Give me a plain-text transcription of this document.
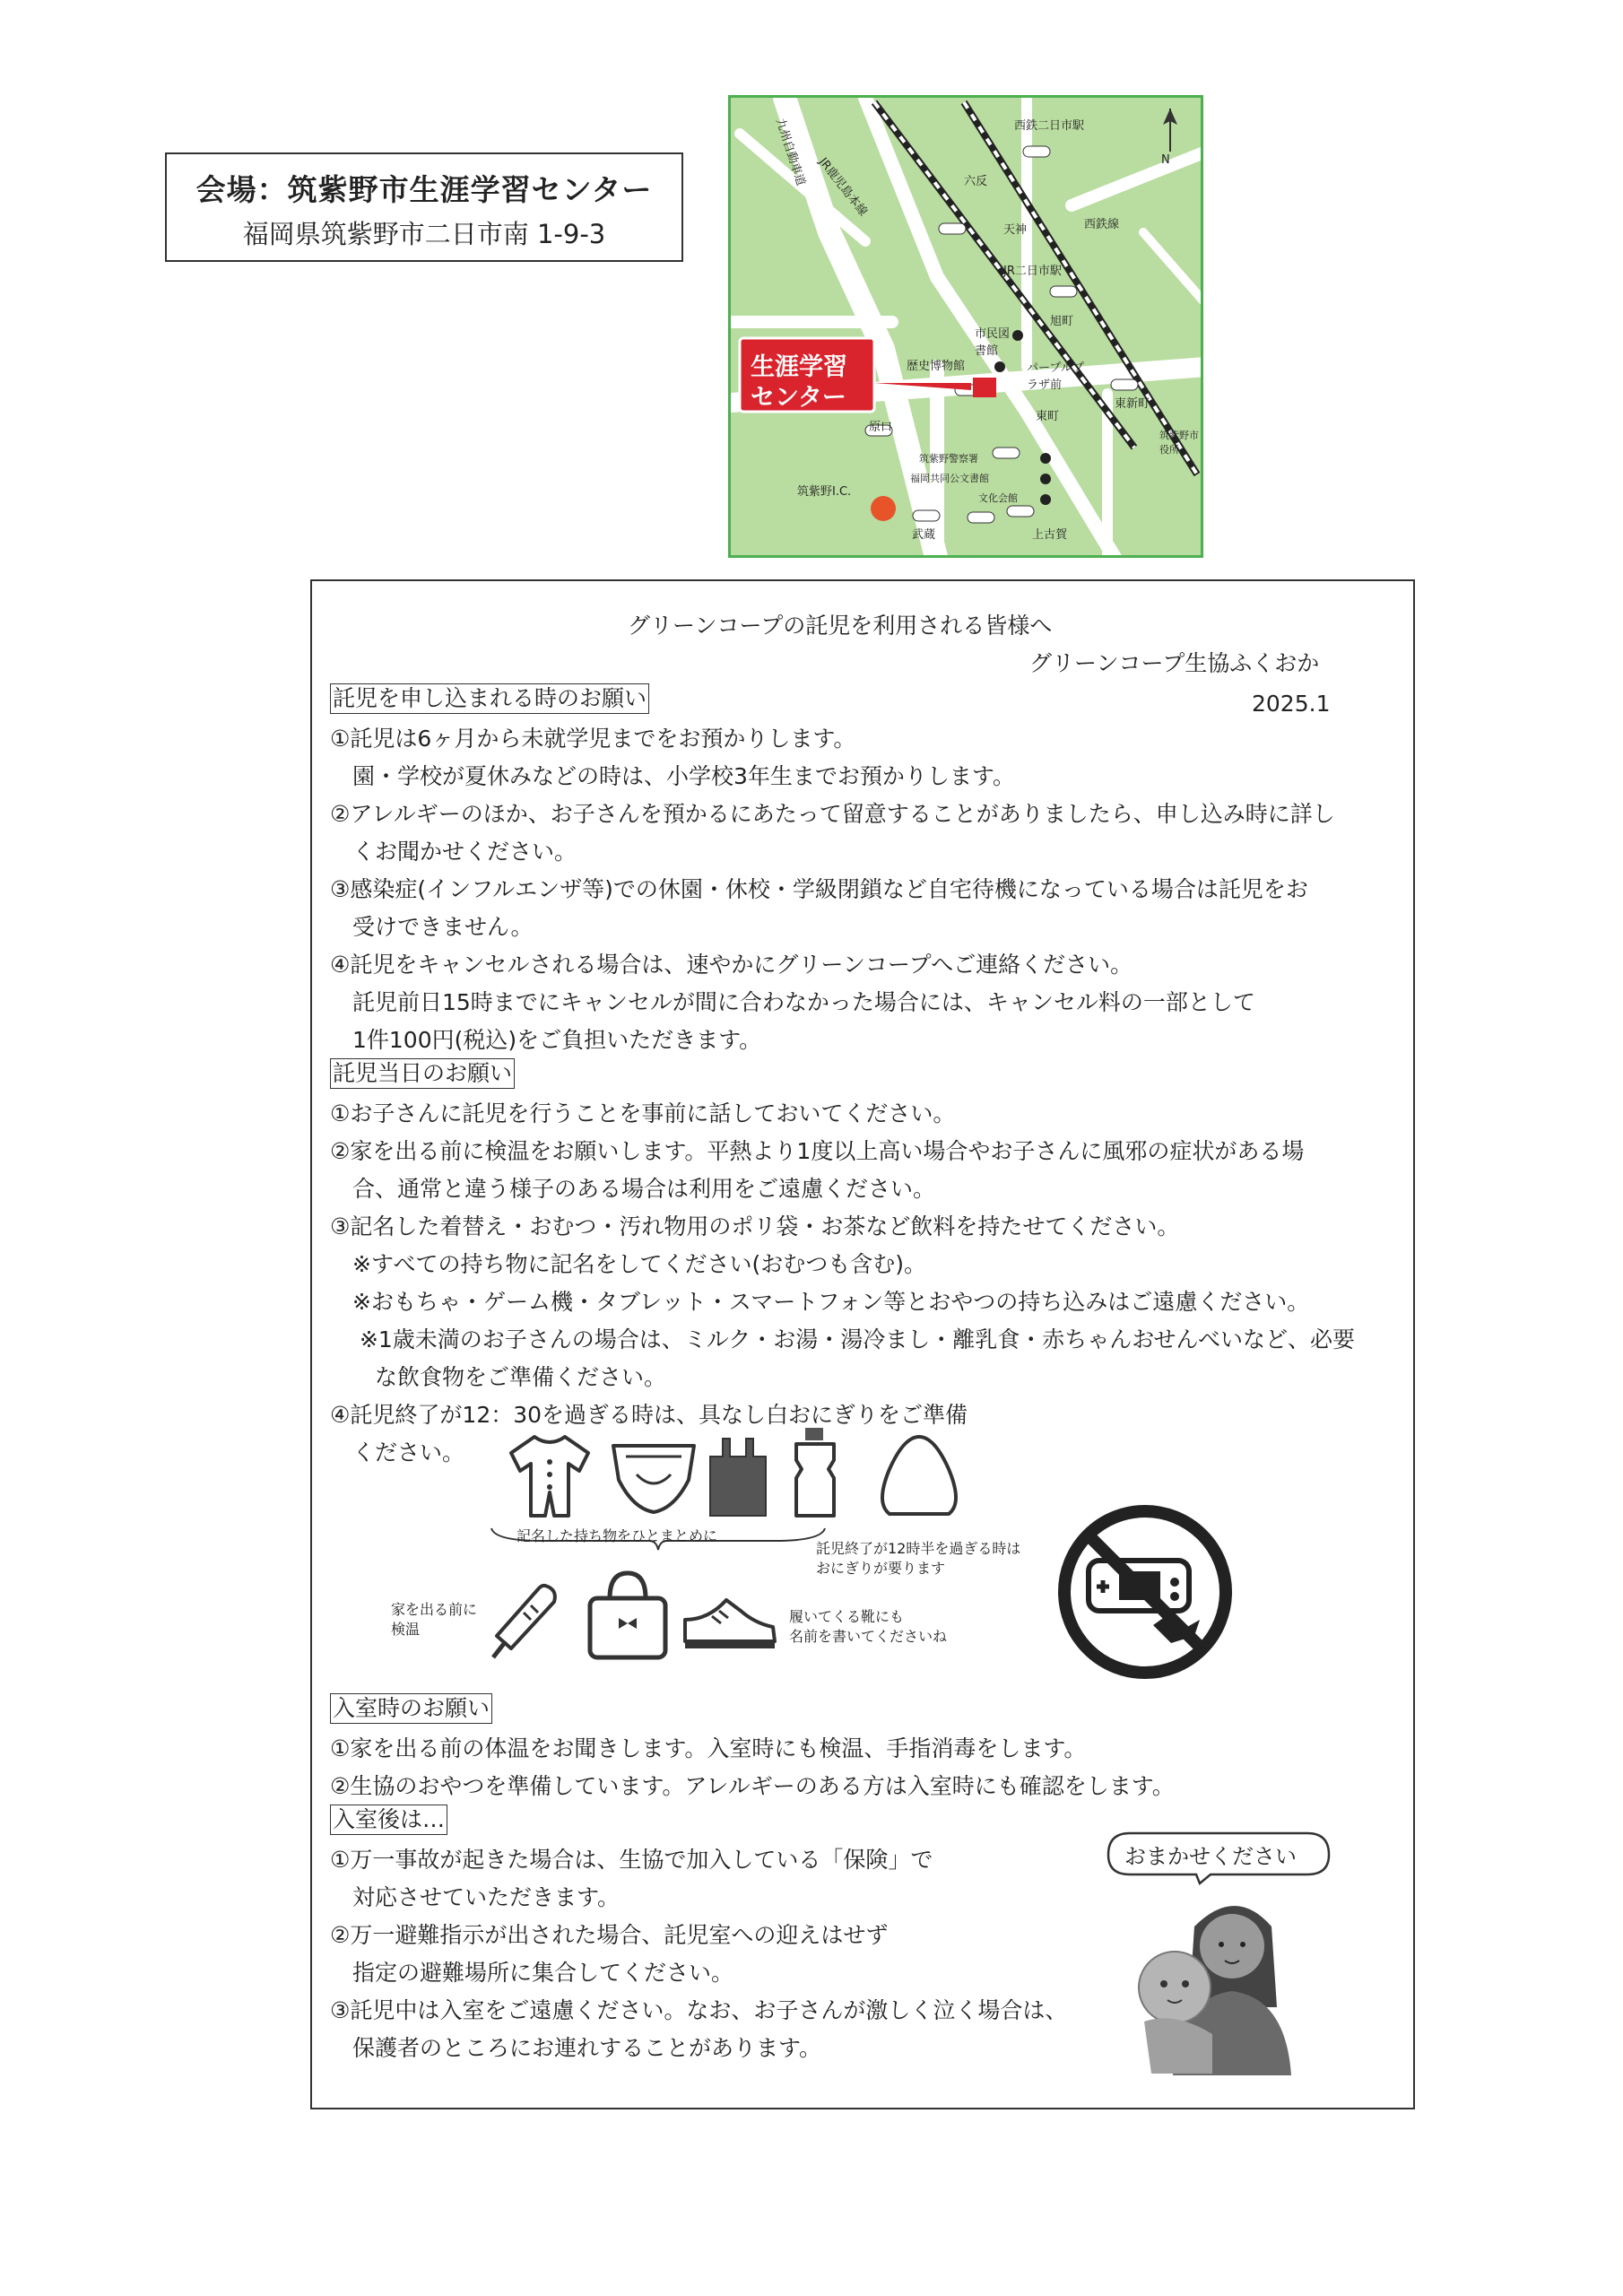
会場：筑紫野市生涯学習センター
福岡県筑紫野市二日市南 1-9-3
生涯学習
センター
N
西鉄二日市駅
西鉄線
JR鹿児島本線
九州自動車道	六反
天神
JR二日市駅
旭町
市民図書館
歴史博物館	パープルプラザ前
東町
東新町
原口
筑紫野警察署
福岡共同公文書館
文化会館
筑紫野市役所
筑紫野I.C.
武蔵	上古賀
グリーンコープの託児を利用される皆様へ
グリーンコープ生協ふくおか
2025.1
託児を申し込まれる時のお願い
①託児は6ヶ月から未就学児までをお預かりします。
　園・学校が夏休みなどの時は、小学校3年生までお預かりします。
②アレルギーのほか、お子さんを預かるにあたって留意することがありましたら、申し込み時に詳し
　くお聞かせください。
③感染症(インフルエンザ等)での休園・休校・学級閉鎖など自宅待機になっている場合は託児をお
　受けできません。
④託児をキャンセルされる場合は、速やかにグリーンコープへご連絡ください。
　託児前日15時までにキャンセルが間に合わなかった場合には、キャンセル料の一部として
　1件100円(税込)をご負担いただきます。
託児当日のお願い
①お子さんに託児を行うことを事前に話しておいてください。
②家を出る前に検温をお願いします。平熱より1度以上高い場合やお子さんに風邪の症状がある場
　合、通常と違う様子のある場合は利用をご遠慮ください。
③記名した着替え・おむつ・汚れ物用のポリ袋・お茶など飲料を持たせてください。
　※すべての持ち物に記名をしてください(おむつも含む)。
　※おもちゃ・ゲーム機・タブレット・スマートフォン等とおやつの持ち込みはご遠慮ください。
　 ※1歳未満のお子さんの場合は、ミルク・お湯・湯冷まし・離乳食・赤ちゃんおせんべいなど、必要
　　な飲食物をご準備ください。
④託児終了が12：30を過ぎる時は、具なし白おにぎりをご準備
　ください。
記名した持ち物をひとまとめに
託児終了が12時半を過ぎる時は
おにぎりが要ります
家を出る前に
検温
履いてくる靴にも
名前を書いてくださいね
入室時のお願い
①家を出る前の体温をお聞きします。入室時にも検温、手指消毒をします。
②生協のおやつを準備しています。アレルギーのある方は入室時にも確認をします。
入室後は…
①万一事故が起きた場合は、生協で加入している「保険」で
　対応させていただきます。
②万一避難指示が出された場合、託児室への迎えはせず
　指定の避難場所に集合してください。
③託児中は入室をご遠慮ください。なお、お子さんが激しく泣く場合は、
　保護者のところにお連れすることがあります。
おまかせください
